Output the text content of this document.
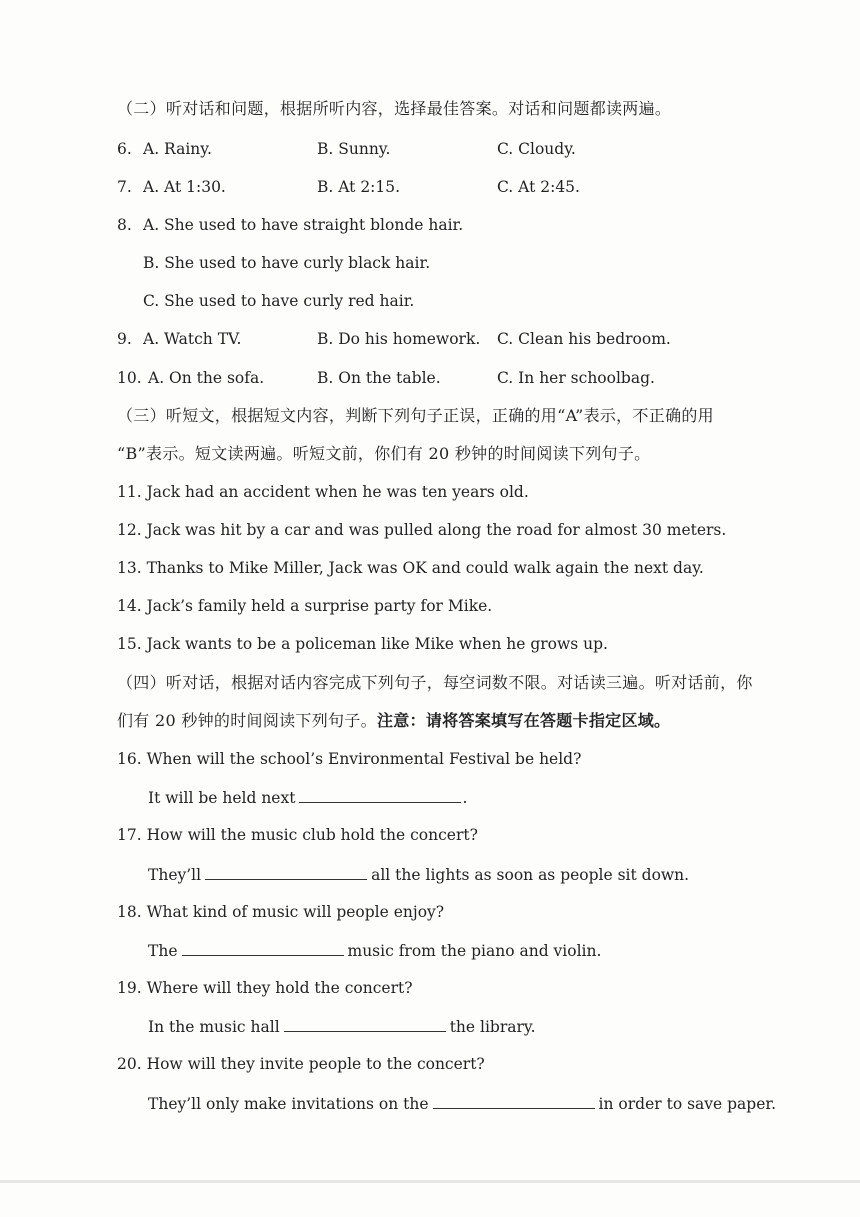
（二）听对话和问题，根据所听内容，选择最佳答案。对话和问题都读两遍。
6. A. Rainy.	B. Sunny.	C. Cloudy.
7. A. At 1:30.	B. At 2:15.	C. At 2:45.
8. A. She used to have straight blonde hair.
B. She used to have curly black hair.
C. She used to have curly red hair.
9. A. Watch TV.	B. Do his homework. C. Clean his bedroom.
10. A. On the sofa.	B. On the table.	C. In her schoolbag.
（三）听短文，根据短文内容，判断下列句子正误，正确的用“A”表示，不正确的用
“B”表示。短文读两遍。听短文前，你们有 20 秒钟的时间阅读下列句子。
11. Jack had an accident when he was ten years old.
12. Jack was hit by a car and was pulled along the road for almost 30 meters.
13. Thanks to Mike Miller, Jack was OK and could walk again the next day.
14. Jack’s family held a surprise party for Mike.
15. Jack wants to be a policeman like Mike when he grows up.
（四）听对话，根据对话内容完成下列句子，每空词数不限。对话读三遍。听对话前，你
们有 20 秒钟的时间阅读下列句子。注意：请将答案填写在答题卡指定区域。
16. When will the school’s Environmental Festival be held?
It will be held next	.
17. How will the music club hold the concert?
They’ll	all the lights as soon as people sit down.
18. What kind of music will people enjoy?
The	music from the piano and violin.
19. Where will they hold the concert?
In the music hall	the library.
20. How will they invite people to the concert?
They’ll only make invitations on the	in order to save paper.
